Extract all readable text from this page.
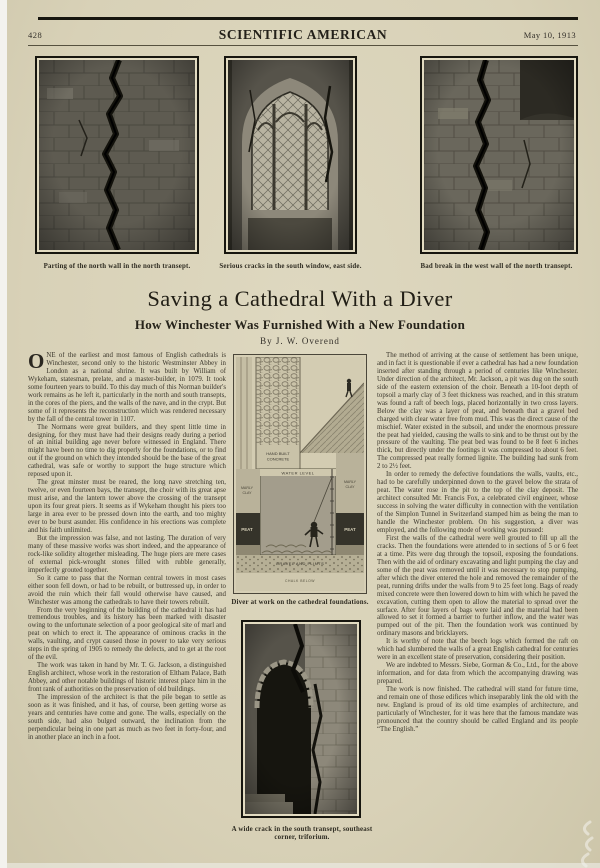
428	SCIENTIFIC AMERICAN	May 10, 1913
Parting of the north wall in the north transept.	Serious cracks in the south window, east side.	Bad break in the west wall of the north transept.
Saving a Cathedral With a Diver
How Winchester Was Furnished With a New Foundation
By J. W. Overend

ONE of the earliest and most famous of English cathedrals is Winchester, second only to the historic Westminster Abbey in London as a national shrine. It was built by William of Wykeham, statesman, prelate, and a master-builder, in 1079. It took some fourteen years to build. To this day much of this Norman builder's work remains as he left it, particularly in the north and south transepts, in the cores of the piers, and the walls of the nave, and in the crypt. But some of it represents the reconstruction which was rendered necessary by the fall of the central tower in 1107.

The Normans were great builders, and they spent little time in designing, for they must have had their designs ready during a period of an initial building age never before witnessed in England. There might have been no time to dig properly for the foundations, or to find out if the ground on which they intended should be the base of the great cathedral, was safe or worthy to support the huge structure which reposed upon it.

The great minster must be reared, the long nave stretching ten, twelve, or even fourteen bays, the transept, the choir with its great apse must arise, and the lantern tower above the crossing of the transept upon its four great piers. It seems as if Wykeham thought his piers too large in area ever to be pressed down into the earth, and too mighty ever to be burst asunder. His confidence in his erections was complete and his faith unlimited.

But the impression was false, and not lasting. The duration of very many of these massive works was short indeed, and the appearance of rock-like solidity altogether misleading. The huge piers are mere cases of external pick-wrought stones filled with rubble generally, imperfectly grouted together.

So it came to pass that the Norman central towers in most cases either soon fell down, or had to be rebuilt, or buttressed up, in order to avoid the ruin which their fall would otherwise have caused, and Winchester was among the cathedrals to have their towers rebuilt.

From the very beginning of the building of the cathedral it has had tremendous troubles, and its history has been marked with disaster owing to the unfortunate selection of a poor geological site of marl and peat on which to erect it. The appearance of ominous cracks in the walls, vaulting, and crypt caused those in power to take very serious steps in the spring of 1905 to remedy the defects, and to get at the root of the evil.

The work was taken in hand by Mr. T. G. Jackson, a distinguished English architect, whose work in the restoration of Eltham Palace, Bath Abbey, and other notable buildings of historic interest place him in the front rank of authorities on the preservation of old buildings.

The impression of the architect is that the pile began to settle as soon as it was finished, and it has, of course, been getting worse as years and centuries have come and gone. The walls, especially on the south side, had also bulged outward, the inclination from the perpendicular being in one part as much as two feet in forty-four, and in another place an inch in a foot.

HAND BUILT
CONCRETE
WATER LEVEL
MARLY
CLAY
MARLY
CLAY
PEAT	PEAT
GRAVEL AND FLINTS
CHALK BELOW
Diver at work on the cathedral foundations.
A wide crack in the south transept, southeast corner, triforium.

The method of arriving at the cause of settlement has been unique, and in fact it is questionable if ever a cathedral has had a new foundation inserted after standing through a period of centuries like Winchester. Under direction of the architect, Mr. Jackson, a pit was dug on the south side of the eastern extension of the choir. Beneath a 10-foot depth of topsoil a marly clay of 3 feet thickness was reached, and in this stratum was found a raft of beech logs, placed horizontally in two cross layers. Below the clay was a layer of peat, and beneath that a gravel bed charged with clear water free from mud. This was the direct cause of the mischief. Water existed in the subsoil, and under the enormous pressure the peat had yielded, causing the walls to sink and to be thrust out by the pressure of the vaulting. The peat bed was found to be 8 feet 6 inches thick, but directly under the footings it was compressed to about 6 feet. The compressed peat really formed lignite. The building had sunk from 2 to 2½ feet.

In order to remedy the defective foundations the walls, vaults, etc., had to be carefully underpinned down to the gravel below the strata of peat. The water rose in the pit to the top of the clay deposit. The architect consulted Mr. Francis Fox, a celebrated civil engineer, whose success in solving the water difficulty in connection with the ventilation of the Simplon Tunnel in Switzerland stamped him as being the man to handle the Winchester problem. On his suggestion, a diver was employed, and the following mode of working was pursued:

First the walls of the cathedral were well grouted to fill up all the cracks. Then the foundations were attended to in sections of 5 or 6 feet at a time. Pits were dug through the topsoil, exposing the foundations. Then with the aid of ordinary excavating and light pumping the clay and some of the peat was removed until it was necessary to stop pumping, after which the diver entered the hole and removed the remainder of the peat, running drifts under the walls from 9 to 25 feet long. Bags of ready mixed concrete were then lowered down to him with which he paved the excavation, cutting them open to allow the material to spread over the surface. After four layers of bags were laid and the material had been allowed to set it formed a barrier to further inflow, and the water was pumped out of the pit. Then the foundation work was continued by ordinary masons and bricklayers.

It is worthy of note that the beech logs which formed the raft on which had slumbered the walls of a great English cathedral for centuries were in an excellent state of preservation, considering their position.

We are indebted to Messrs. Siebe, Gorman & Co., Ltd., for the above information, and for data from which the accompanying drawing was prepared.

The work is now finished. The cathedral will stand for future time, and remain one of those edifices which inseparably link the old with the new. England is proud of its old time examples of architecture, and particularly of Winchester, for it was here that the famous mandate was pronounced that the country should be called England and its people “The English.”
